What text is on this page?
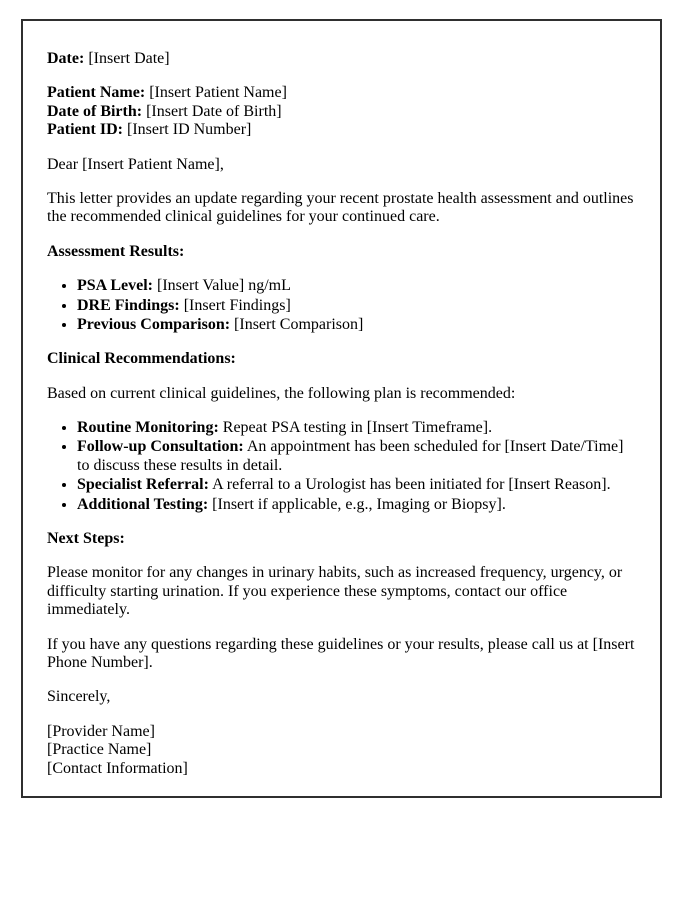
Date: [Insert Date]

Patient Name: [Insert Patient Name]
Date of Birth: [Insert Date of Birth]
Patient ID: [Insert ID Number]

Dear [Insert Patient Name],

This letter provides an update regarding your recent prostate health assessment and outlines the recommended clinical guidelines for your continued care.

Assessment Results:

• PSA Level: [Insert Value] ng/mL
• DRE Findings: [Insert Findings]
• Previous Comparison: [Insert Comparison]

Clinical Recommendations:

Based on current clinical guidelines, the following plan is recommended:

• Routine Monitoring: Repeat PSA testing in [Insert Timeframe].
• Follow-up Consultation: An appointment has been scheduled for [Insert Date/Time] to discuss these results in detail.
• Specialist Referral: A referral to a Urologist has been initiated for [Insert Reason].
• Additional Testing: [Insert if applicable, e.g., Imaging or Biopsy].

Next Steps:

Please monitor for any changes in urinary habits, such as increased frequency, urgency, or difficulty starting urination. If you experience these symptoms, contact our office immediately.

If you have any questions regarding these guidelines or your results, please call us at [Insert Phone Number].

Sincerely,

[Provider Name]
[Practice Name]
[Contact Information]
